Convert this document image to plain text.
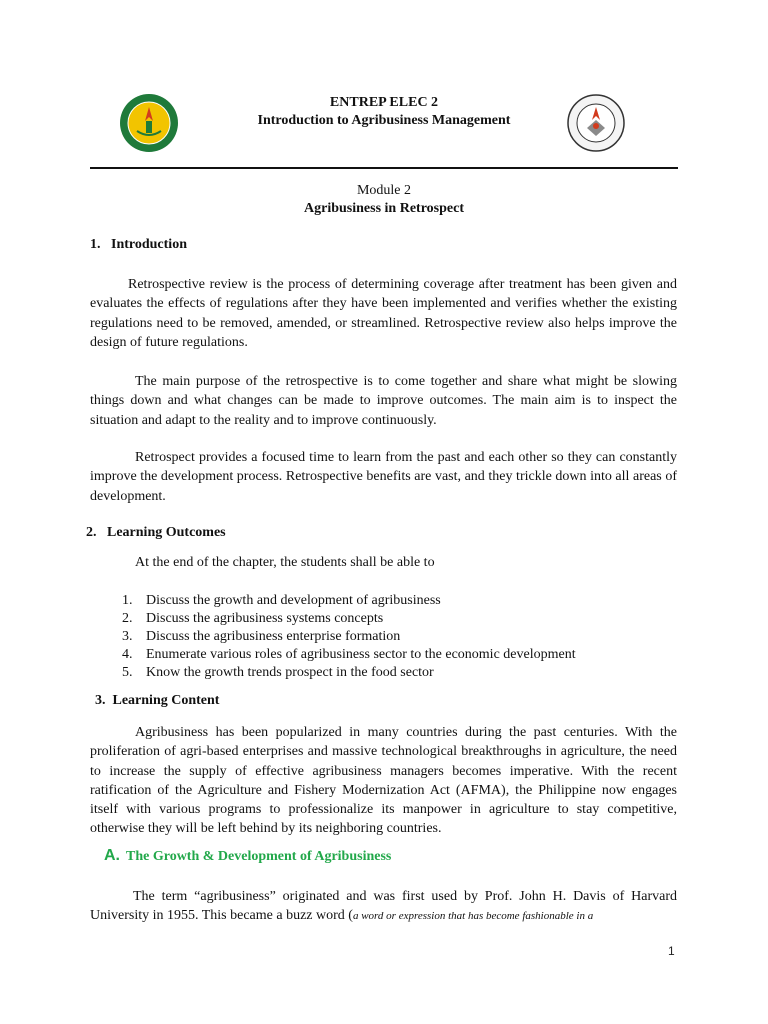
ENTREP ELEC 2
Introduction to Agribusiness Management
Module 2
Agribusiness in Retrospect
1.   Introduction
Retrospective review is the process of determining coverage after treatment has been given and evaluates the effects of regulations after they have been implemented and verifies whether the existing regulations need to be removed, amended, or streamlined. Retrospective review also helps improve the design of future regulations.
The main purpose of the retrospective is to come together and share what might be slowing things down and what changes can be made to improve outcomes. The main aim is to inspect the situation and adapt to the reality and to improve continuously.
Retrospect provides a focused time to learn from the past and each other so they can constantly improve the development process. Retrospective benefits are vast, and they trickle down into all areas of development.
2.   Learning Outcomes
At the end of the chapter, the students shall be able to
1. Discuss the growth and development of agribusiness
2. Discuss the agribusiness systems concepts
3. Discuss the agribusiness enterprise formation
4. Enumerate various roles of agribusiness sector to the economic development
5. Know the growth trends prospect in the food sector
3.  Learning Content
Agribusiness has been popularized in many countries during the past centuries. With the proliferation of agri-based enterprises and massive technological breakthroughs in agriculture, the need to increase the supply of effective agribusiness managers becomes imperative. With the recent ratification of the Agriculture and Fishery Modernization Act (AFMA), the Philippine now engages itself with various programs to professionalize its manpower in agriculture to stay competitive, otherwise they will be left behind by its neighboring countries.
A. The Growth & Development of Agribusiness
The term “agribusiness” originated and was first used by Prof. John H. Davis of Harvard University in 1955. This became a buzz word (a word or expression that has become fashionable in a
1
